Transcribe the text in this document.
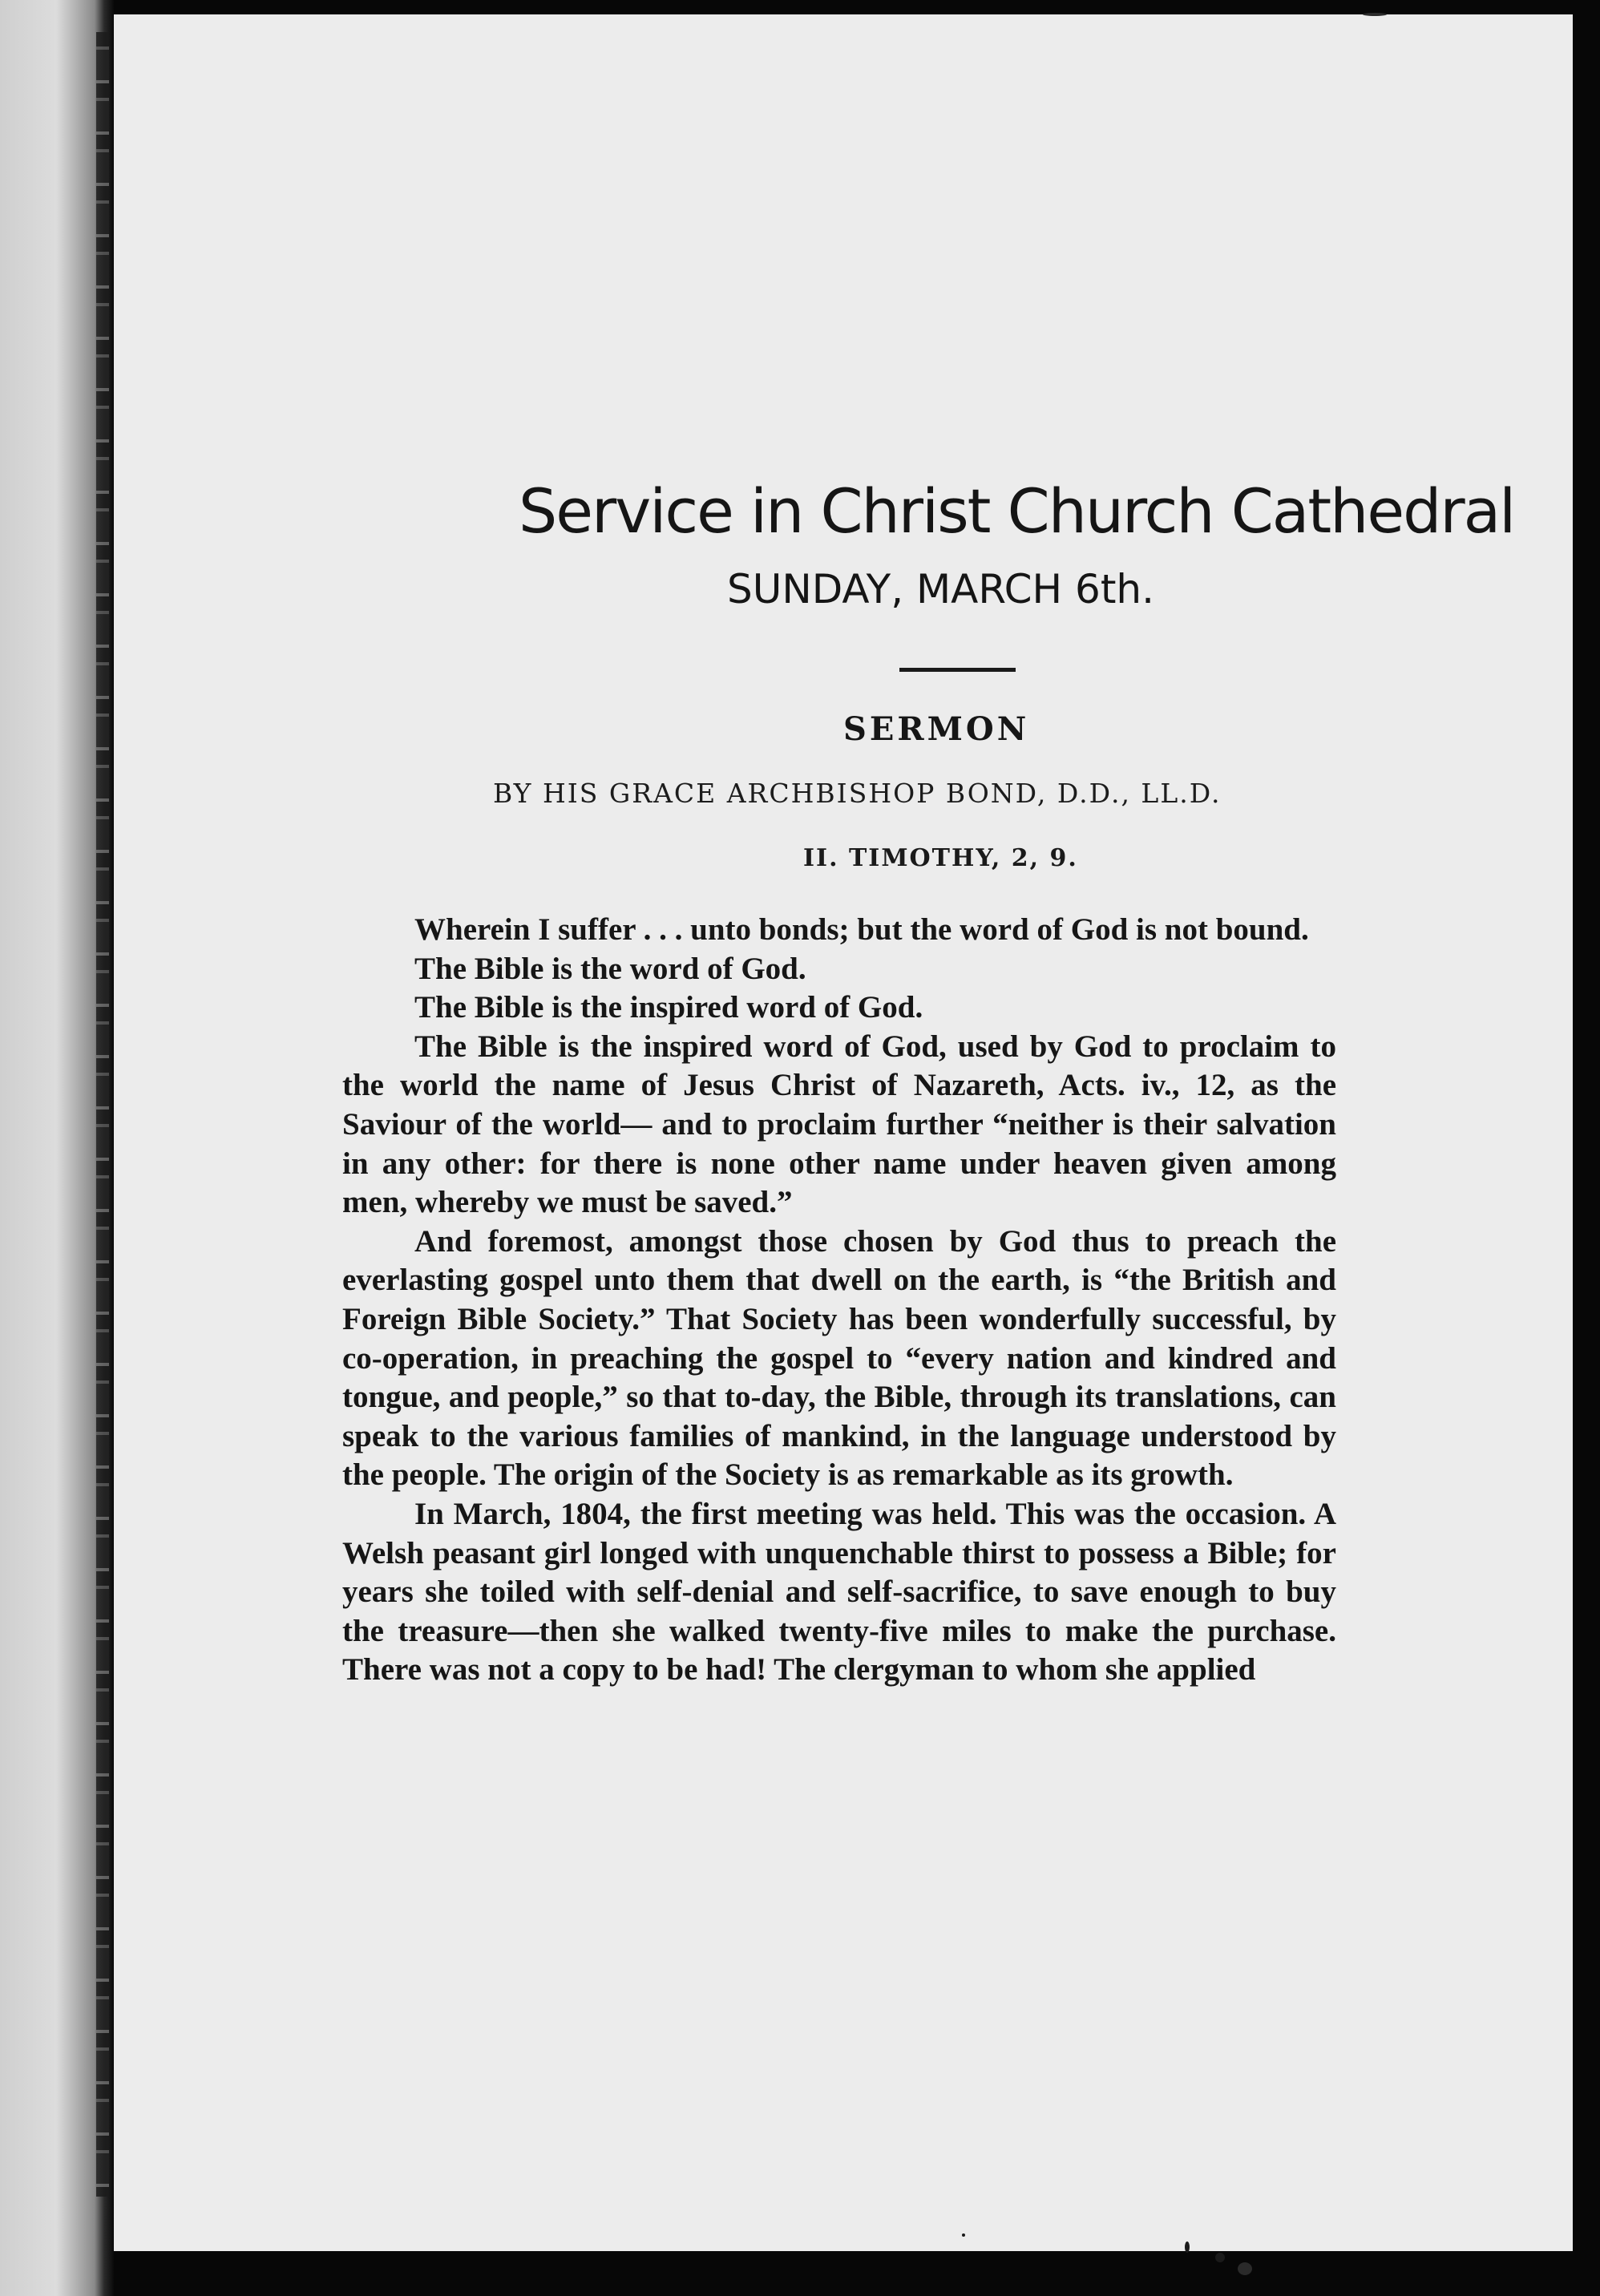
Service in Christ Church Cathedral
SUNDAY, MARCH 6th.
SERMON
BY HIS GRACE ARCHBISHOP BOND, D.D., LL.D.
II. TIMOTHY, 2, 9.

Wherein I suffer . . . unto bonds; but the word of God is not bound.

The Bible is the word of God.

The Bible is the inspired word of God.

The Bible is the inspired word of God, used by God to proclaim to the world the name of Jesus Christ of Nazareth, Acts. iv., 12, as the Saviour of the world— and to proclaim further “neither is their salvation in any other: for there is none other name under heaven given among men, whereby we must be saved.”

And foremost, amongst those chosen by God thus to preach the everlasting gospel unto them that dwell on the earth, is “the British and Foreign Bible Society.” That Society has been wonderfully successful, by co-operation, in preaching the gospel to “every nation and kindred and tongue, and people,” so that to-day, the Bible, through its translations, can speak to the various families of mankind, in the language understood by the people. The origin of the Society is as remarkable as its growth.

In March, 1804, the first meeting was held. This was the occasion. A Welsh peasant girl longed with unquenchable thirst to possess a Bible; for years she toiled with self-denial and self-sacrifice, to save enough to buy the treasure—then she walked twenty-five miles to make the purchase. There was not a copy to be had! The clergyman to whom she applied
